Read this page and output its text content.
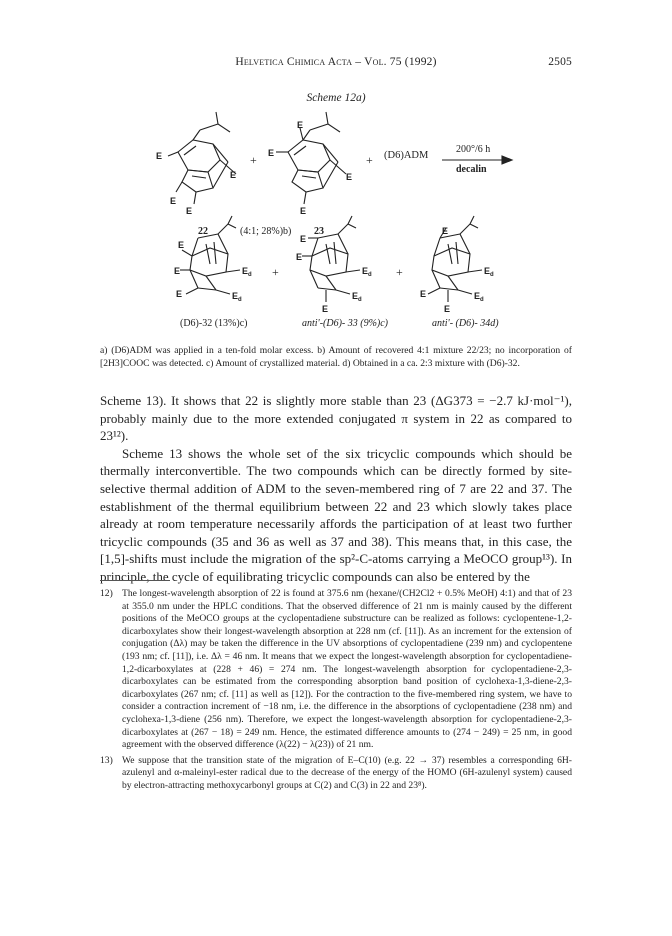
Helvetica Chimica Acta – Vol. 75 (1992)	2505
Scheme 12a)
E
E
E
E
E
E
E
E
E
E
E
$E_d$
$E_d$
E
E
E
$E_d$
$E_d$
E
E
E
$E_d$
$E_d$
+	+
+	+
(D6)ADM
200°/6 h
decalin
22	(4:1; 28%)b) 23
(D6)-32 (13%)c)	anti'-(D6)- 33 (9%)c)	anti'- (D6)- 34d)
a) (D6)ADM was applied in a ten-fold molar excess. b) Amount of recovered 4:1 mixture 22/23; no incorporation of [2H3]COOC was detected. c) Amount of crystallized material. d) Obtained in a ca. 2:3 mixture with (D6)-32.

Scheme 13). It shows that 22 is slightly more stable than 23 (ΔG373 = −2.7 kJ·mol⁻¹), probably mainly due to the more extended conjugated π system in 22 as compared to 23¹²).

Scheme 13 shows the whole set of the six tricyclic compounds which should be thermally interconvertible. The two compounds which can be directly formed by site-selective thermal addition of ADM to the seven-membered ring of 7 are 22 and 37. The establishment of the thermal equilibrium between 22 and 23 which slowly takes place already at room temperature necessarily affords the participation of at least two further tricyclic compounds (35 and 36 as well as 37 and 38). This means that, in this case, the [1,5]-shifts must include the migration of the sp²-C-atoms carrying a MeOCO group¹³). In principle, the cycle of equilibrating tricyclic compounds can also be entered by the

12) The longest-wavelength absorption of 22 is found at 375.6 nm (hexane/(CH2Cl2 + 0.5% MeOH) 4:1) and that of 23 at 355.0 nm under the HPLC conditions. That the observed difference of 21 nm is mainly caused by the different positions of the MeOCO groups at the cyclopentadiene substructure can be realized as follows: cyclopentene-1,2-dicarboxylates show their longest-wavelength absorption at 228 nm (cf. [11]). As an increment for the extension of conjugation (Δλ) may be taken the difference in the UV absorptions of cyclopentadiene (239 nm) and cyclopentene (193 nm; cf. [11]), i.e. Δλ = 46 nm. It means that we expect the longest-wavelength absorption for cyclopentadiene-1,2-dicarboxylates at (228 + 46) = 274 nm. The longest-wavelength absorption for cyclopentadiene-2,3-dicarboxylates can be estimated from the corresponding absorption band position of cyclohexa-1,3-diene-2,3-dicarboxylates (267 nm; cf. [11] as well as [12]). For the contraction to the five-membered ring system, we have to consider a contraction increment of −18 nm, i.e. the difference in the absorptions of cyclopentadiene (238 nm) and cyclohexa-1,3-diene (256 nm). Therefore, we expect the longest-wavelength absorption for cyclopentadiene-2,3-dicarboxylates at (267 − 18) = 249 nm. Hence, the estimated difference amounts to (274 − 249) = 25 nm, in good agreement with the observed difference (λ(22) − λ(23)) of 21 nm.
13) We suppose that the transition state of the migration of E–C(10) (e.g. 22 → 37) resembles a corresponding 6H-azulenyl and α-maleinyl-ester radical due to the decrease of the energy of the HOMO (6H-azulenyl system) caused by electron-attracting methoxycarbonyl groups at C(2) and C(3) in 22 and 23⁸).
